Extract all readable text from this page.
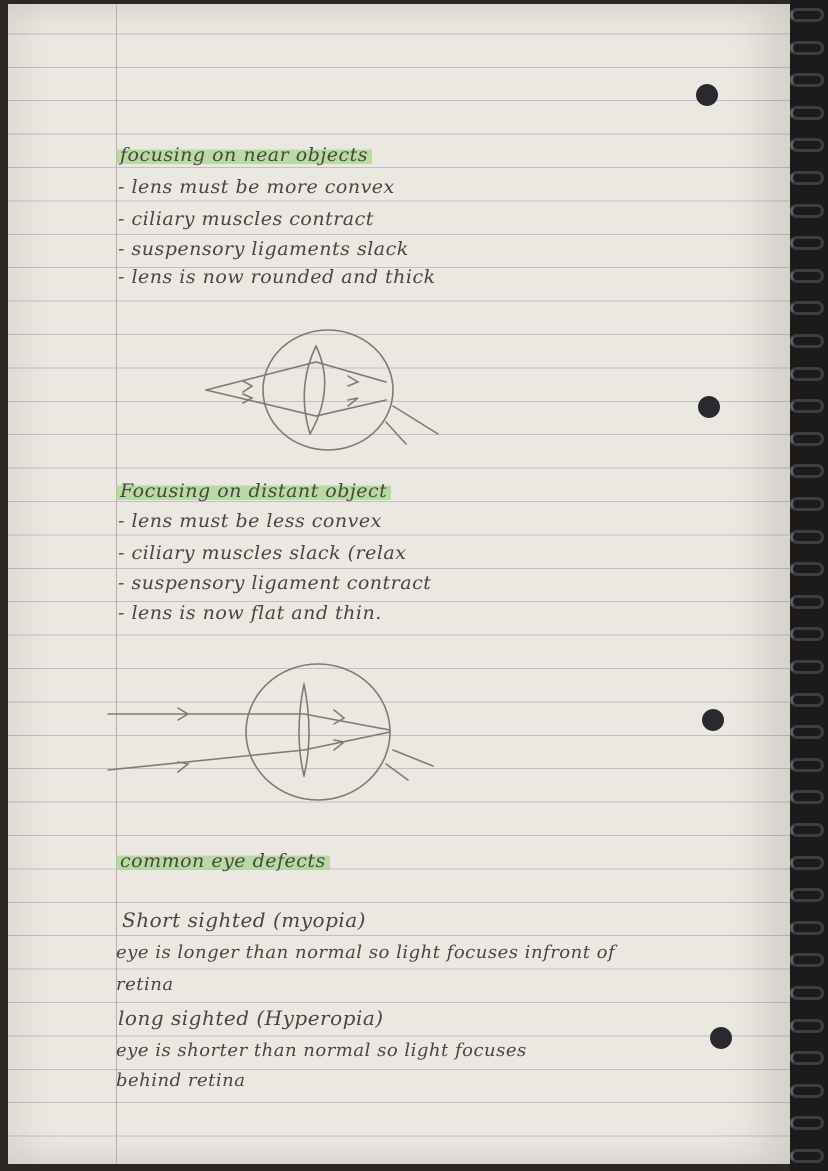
focusing on near objects

- lens must be more convex

- ciliary muscles contract

- suspensory ligaments slack

- lens is now rounded and thick

Focusing on distant object

- lens must be less convex

- ciliary muscles slack (relax

- suspensory ligament contract

- lens is now flat and thin.

common eye defects

Short sighted (myopia)

eye is longer than normal so light focuses infront of

retina

long sighted (Hyperopia)

eye is shorter than normal so light focuses

behind retina
